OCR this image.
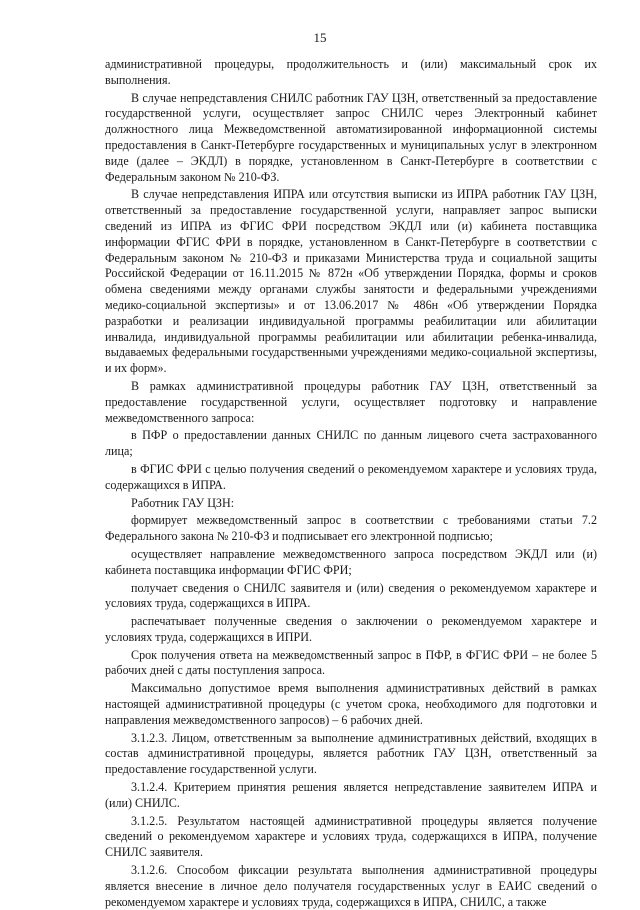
15

административной процедуры, продолжительность и (или) максимальный срок их выполнения.

В случае непредставления СНИЛС работник ГАУ ЦЗН, ответственный за предоставление государственной услуги, осуществляет запрос СНИЛС через Электронный кабинет должностного лица Межведомственной автоматизированной информационной системы предоставления в Санкт-Петербурге государственных и муниципальных услуг в электронном виде (далее – ЭКДЛ) в порядке, установленном в Санкт-Петербурге в соответствии с Федеральным законом № 210-ФЗ.

В случае непредставления ИПРА или отсутствия выписки из ИПРА работник ГАУ ЦЗН, ответственный за предоставление государственной услуги, направляет запрос выписки сведений из ИПРА из ФГИС ФРИ посредством ЭКДЛ или (и) кабинета поставщика информации ФГИС ФРИ в порядке, установленном в Санкт-Петербурге в соответствии с Федеральным законом № 210-ФЗ и приказами Министерства труда и социальной защиты Российской Федерации от 16.11.2015 № 872н «Об утверждении Порядка, формы и сроков обмена сведениями между органами службы занятости и федеральными учреждениями медико-социальной экспертизы» и от 13.06.2017 № 486н «Об утверждении Порядка разработки и реализации индивидуальной программы реабилитации или абилитации инвалида, индивидуальной программы реабилитации или абилитации ребенка-инвалида, выдаваемых федеральными государственными учреждениями медико-социальной экспертизы, и их форм».

В рамках административной процедуры работник ГАУ ЦЗН, ответственный за предоставление государственной услуги, осуществляет подготовку и направление межведомственного запроса:

в ПФР о предоставлении данных СНИЛС по данным лицевого счета застрахованного лица;

в ФГИС ФРИ с целью получения сведений о рекомендуемом характере и условиях труда, содержащихся в ИПРА.

Работник ГАУ ЦЗН:

формирует межведомственный запрос в соответствии с требованиями статьи 7.2 Федерального закона № 210-ФЗ и подписывает его электронной подписью;

осуществляет направление межведомственного запроса посредством ЭКДЛ или (и) кабинета поставщика информации ФГИС ФРИ;

получает сведения о СНИЛС заявителя и (или) сведения о рекомендуемом характере и условиях труда, содержащихся в ИПРА.

распечатывает полученные сведения о заключении о рекомендуемом характере и условиях труда, содержащихся в ИПРИ.

Срок получения ответа на межведомственный запрос в ПФР, в ФГИС ФРИ – не более 5 рабочих дней с даты поступления запроса.

Максимально допустимое время выполнения административных действий в рамках настоящей административной процедуры (с учетом срока, необходимого для подготовки и направления межведомственного запросов) – 6 рабочих дней.

3.1.2.3. Лицом, ответственным за выполнение административных действий, входящих в состав административной процедуры, является работник ГАУ ЦЗН, ответственный за предоставление государственной услуги.

3.1.2.4. Критерием принятия решения является непредставление заявителем ИПРА и (или) СНИЛС.

3.1.2.5. Результатом настоящей административной процедуры является получение сведений о рекомендуемом характере и условиях труда, содержащихся в ИПРА, получение СНИЛС заявителя.

3.1.2.6. Способом фиксации результата выполнения административной процедуры является внесение в личное дело получателя государственных услуг в ЕАИС сведений о рекомендуемом характере и условиях труда, содержащихся в ИПРА, СНИЛС, а также
